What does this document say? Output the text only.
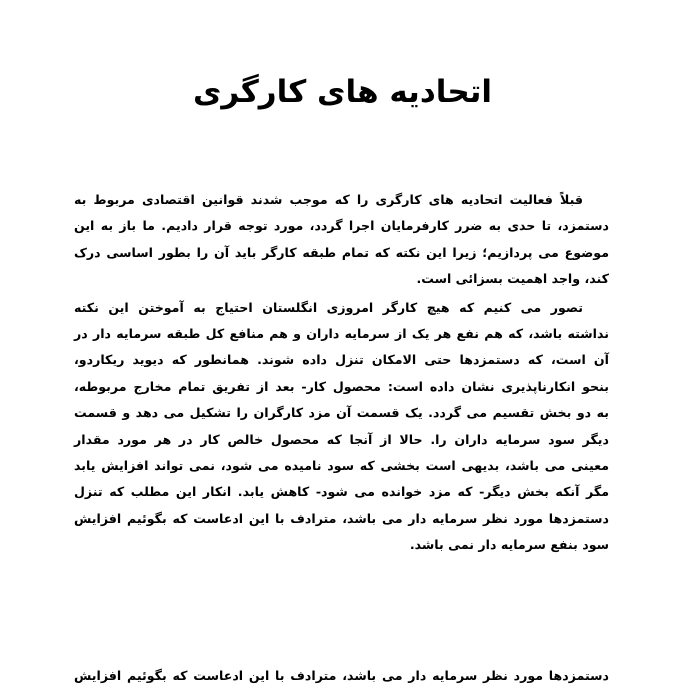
اتحادیه های کارگری

قبلاً فعالیت اتحادیه های کارگری را که موجب شدند قوانین اقتصادی مربوط به
دستمزد، تا حدی به ضرر کارفرمایان اجرا گردد، مورد توجه قرار دادیم. ما باز به این
موضوع می پردازیم؛ زیرا این نکته که تمام طبقه کارگر باید آن را بطور اساسی درک
کند، واجد اهمیت بسزائی است.

تصور می کنیم که هیچ کارگر امروزی انگلستان احتیاج به آموختن این نکته
نداشته باشد، که هم نفع هر یک از سرمایه داران و هم منافع کل طبقه سرمایه دار در
آن است، که دستمزدها حتی الامکان تنزل داده شوند. همانطور که دیوید ریکاردو،
بنحو انکارناپذیری نشان داده است: محصول کار- بعد از تفریق تمام مخارج مربوطه،
به دو بخش تقسیم می گردد. یک قسمت آن مزد کارگران را تشکیل می دهد و قسمت
دیگر سود سرمایه داران را. حالا از آنجا که محصول خالص کار در هر مورد مقدار
معینی می باشد، بدیهی است بخشی که سود نامیده می شود، نمی تواند افزایش یابد
مگر آنکه بخش دیگر- که مزد خوانده می شود- کاهش یابد. انکار این مطلب که تنزل
دستمزدها مورد نظر سرمایه دار می باشد، مترادف با این ادعاست که بگوئیم افزایش
سود بنفع سرمایه دار نمی باشد.

دستمزدها مورد نظر سرمایه دار می باشد، مترادف با این ادعاست که بگوئیم افزایش
